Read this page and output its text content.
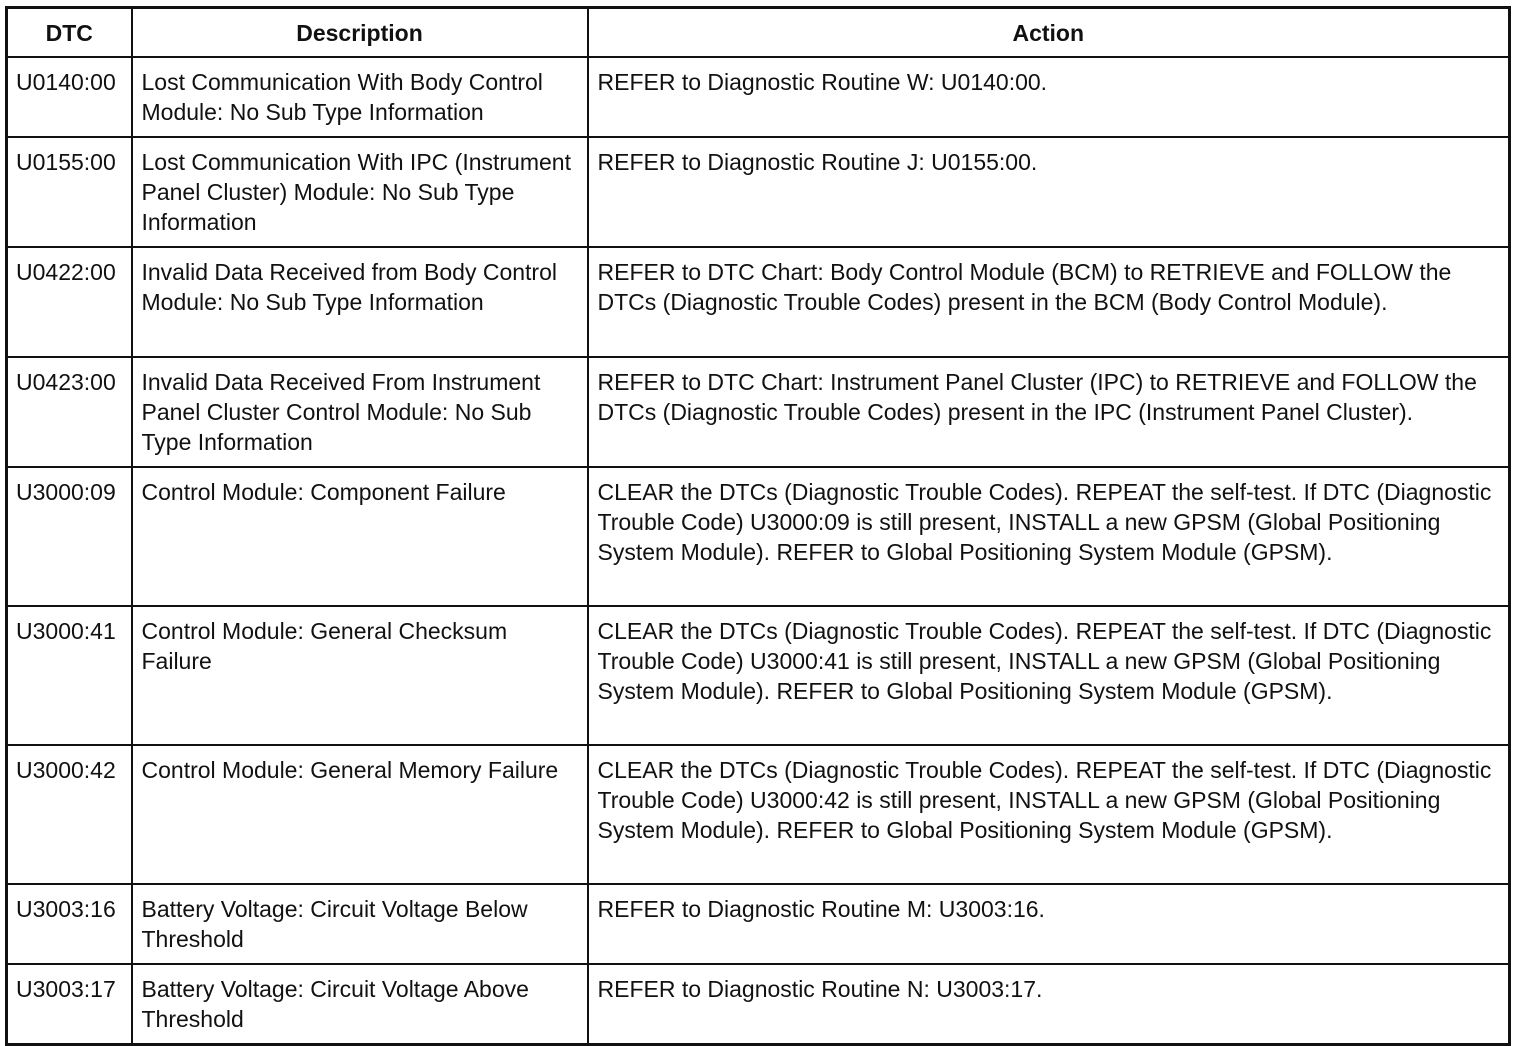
DTC	Description	Action
U0140:00	Lost Communication With Body Control Module: No Sub Type Information	REFER to Diagnostic Routine W: U0140:00.
U0155:00	Lost Communication With IPC (Instrument Panel Cluster) Module: No Sub Type Information	REFER to Diagnostic Routine J: U0155:00.
U0422:00	Invalid Data Received from Body Control Module: No Sub Type Information	REFER to DTC Chart: Body Control Module (BCM) to RETRIEVE and FOLLOW the DTCs (Diagnostic Trouble Codes) present in the BCM (Body Control Module).
U0423:00	Invalid Data Received From Instrument Panel Cluster Control Module: No Sub Type Information	REFER to DTC Chart: Instrument Panel Cluster (IPC) to RETRIEVE and FOLLOW the DTCs (Diagnostic Trouble Codes) present in the IPC (Instrument Panel Cluster).
U3000:09	Control Module: Component Failure	CLEAR the DTCs (Diagnostic Trouble Codes). REPEAT the self-test. If DTC (Diagnostic Trouble Code) U3000:09 is still present, INSTALL a new GPSM (Global Positioning System Module). REFER to Global Positioning System Module (GPSM).
U3000:41	Control Module: General Checksum Failure	CLEAR the DTCs (Diagnostic Trouble Codes). REPEAT the self-test. If DTC (Diagnostic Trouble Code) U3000:41 is still present, INSTALL a new GPSM (Global Positioning System Module). REFER to Global Positioning System Module (GPSM).
U3000:42	Control Module: General Memory Failure	CLEAR the DTCs (Diagnostic Trouble Codes). REPEAT the self-test. If DTC (Diagnostic Trouble Code) U3000:42 is still present, INSTALL a new GPSM (Global Positioning System Module). REFER to Global Positioning System Module (GPSM).
U3003:16	Battery Voltage: Circuit Voltage Below Threshold	REFER to Diagnostic Routine M: U3003:16.
U3003:17	Battery Voltage: Circuit Voltage Above Threshold	REFER to Diagnostic Routine N: U3003:17.
